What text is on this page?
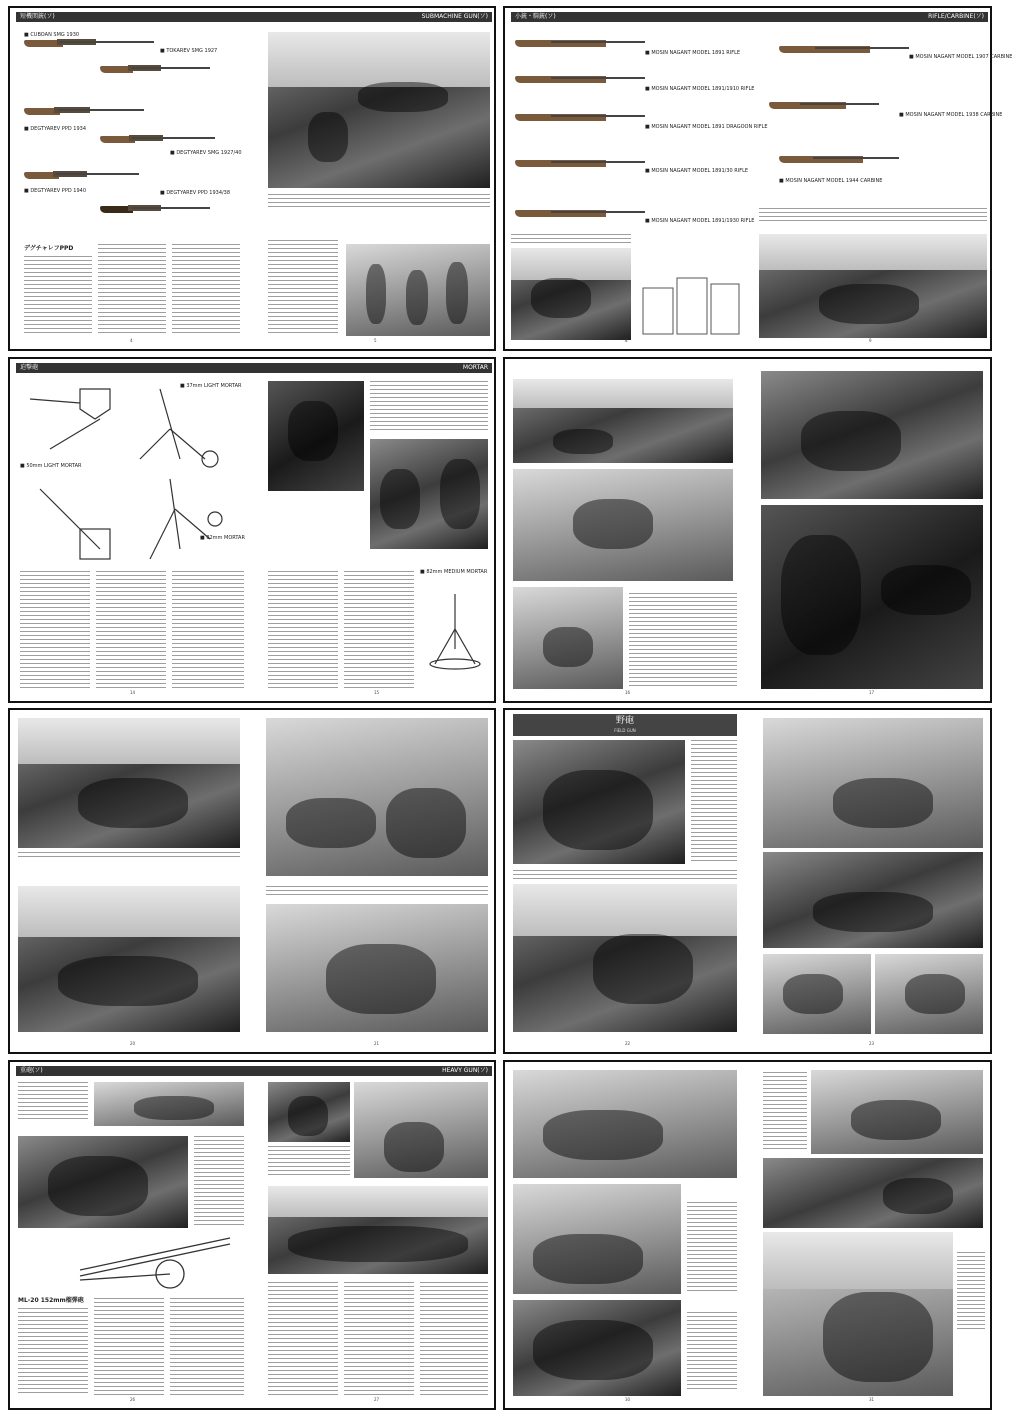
短機関銃(ソ)
■ CUBOAN SMG 1930
■ TOKAREV SMG 1927
■ DEGTYAREV PPD 1934
■ DEGTYAREV SMG 1927/40
■ DEGTYAREV PPD 1940	■ DEGTYAREV PPD 1934/38
デグチャレフPPD
4
SUBMACHINE GUN(ソ)
5
小銃・騎銃(ソ)
■ MOSIN NAGANT MODEL 1891 RIFLE
■ MOSIN NAGANT MODEL 1891/1910 RIFLE
■ MOSIN NAGANT MODEL 1891 DRAGOON RIFLE
■ MOSIN NAGANT MODEL 1891/30 RIFLE
■ MOSIN NAGANT MODEL 1891/1930 RIFLE
8
RIFLE/CARBINE(ソ)
■ MOSIN NAGANT MODEL 1907 CARBINE
■ MOSIN NAGANT MODEL 1938 CARBINE
■ MOSIN NAGANT MODEL 1944 CARBINE
9
迫撃砲
■ 37mm LIGHT MORTAR
■ 50mm LIGHT MORTAR
■ 82mm MORTAR
14
MORTAR
■ 82mm MEDIUM MORTAR
15	16	17
20	21
野砲
FIELD GUN
22	23
重砲(ソ)
ML-20 152mm榴弾砲
26
HEAVY GUN(ソ)
27	30	31
